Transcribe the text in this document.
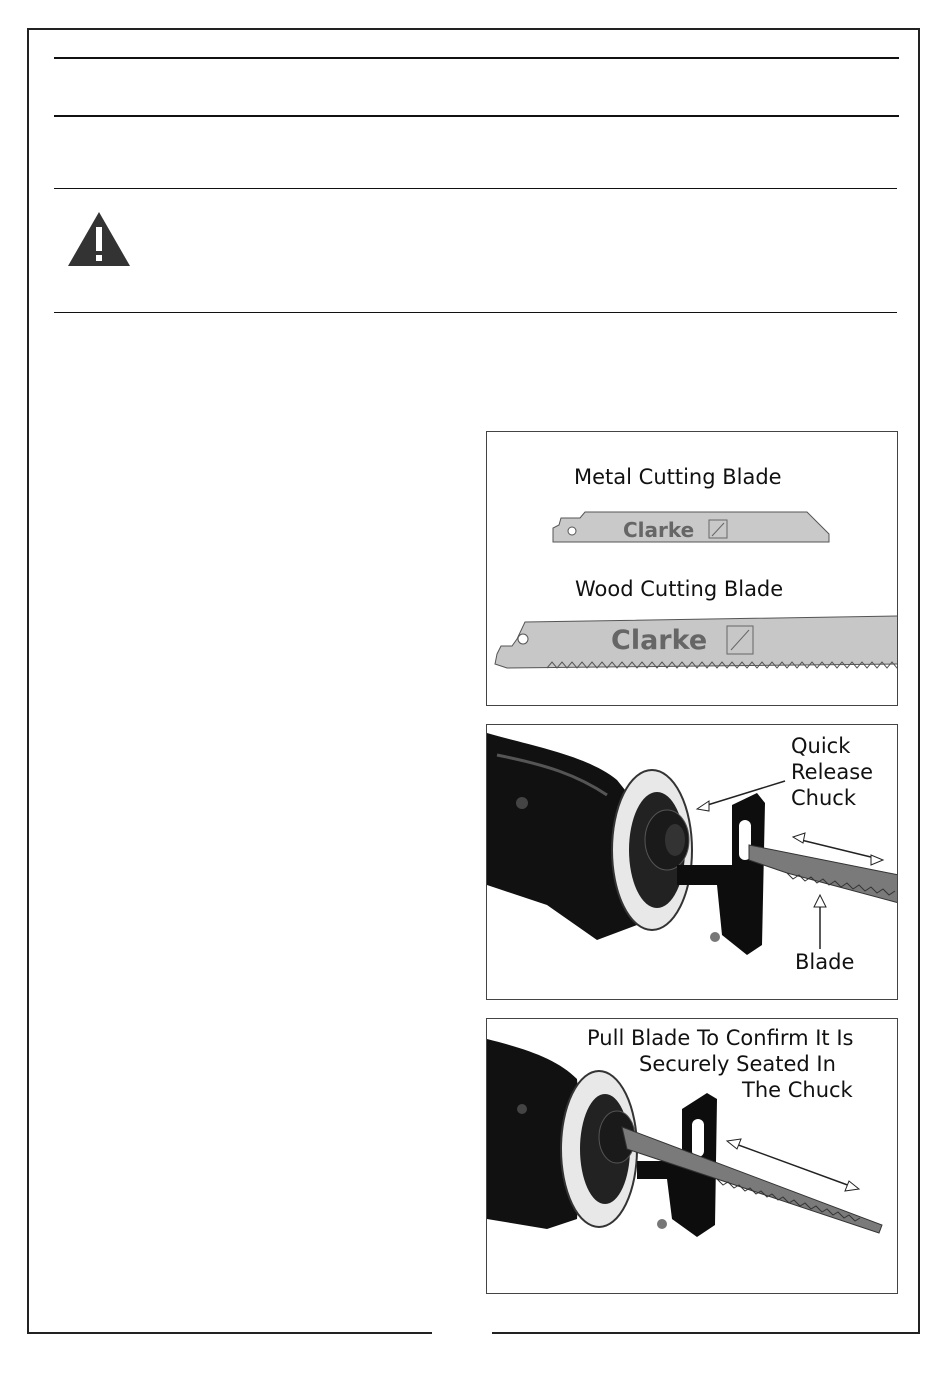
Metal Cutting Blade
Clarke
Wood Cutting Blade
Clarke
Quick
Release
Chuck
Blade
Pull Blade To Confirm It Is
Securely Seated In
The Chuck
